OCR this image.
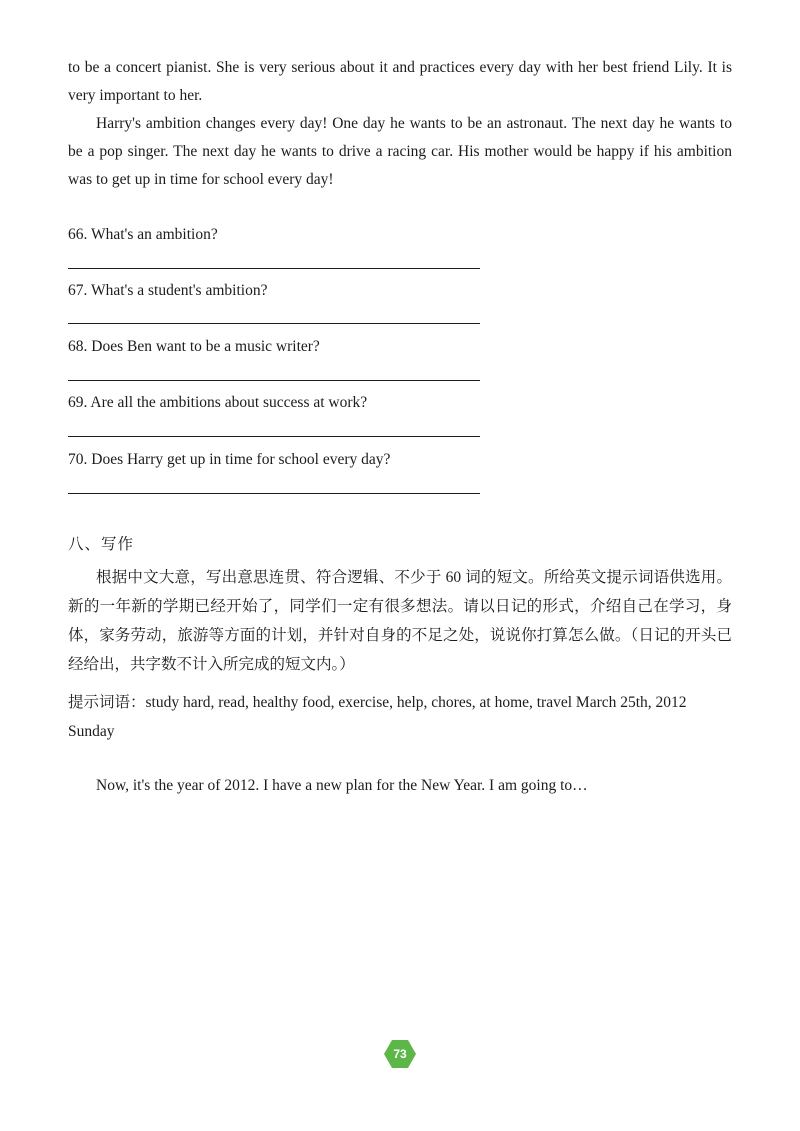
to be a concert pianist. She is very serious about it and practices every day with her best friend Lily. It is very important to her.

Harry's ambition changes every day! One day he wants to be an astronaut. The next day he wants to be a pop singer. The next day he wants to drive a racing car. His mother would be happy if his ambition was to get up in time for school every day!

66. What's an ambition?

67. What's a student's ambition?

68. Does Ben want to be a music writer?

69. Are all the ambitions about success at work?

70. Does Harry get up in time for school every day?

八、写作

根据中文大意，写出意思连贯、符合逻辑、不少于 60 词的短文。所给英文提示词语供选用。新的一年新的学期已经开始了，同学们一定有很多想法。请以日记的形式，介绍自己在学习，身体，家务劳动，旅游等方面的计划，并针对自身的不足之处，说说你打算怎么做。（日记的开头已经给出，共字数不计入所完成的短文内。）

提示词语：study hard, read, healthy food, exercise, help, chores, at home, travel March 25th, 2012 Sunday

Now, it's the year of 2012. I have a new plan for the New Year. I am going to…

73
